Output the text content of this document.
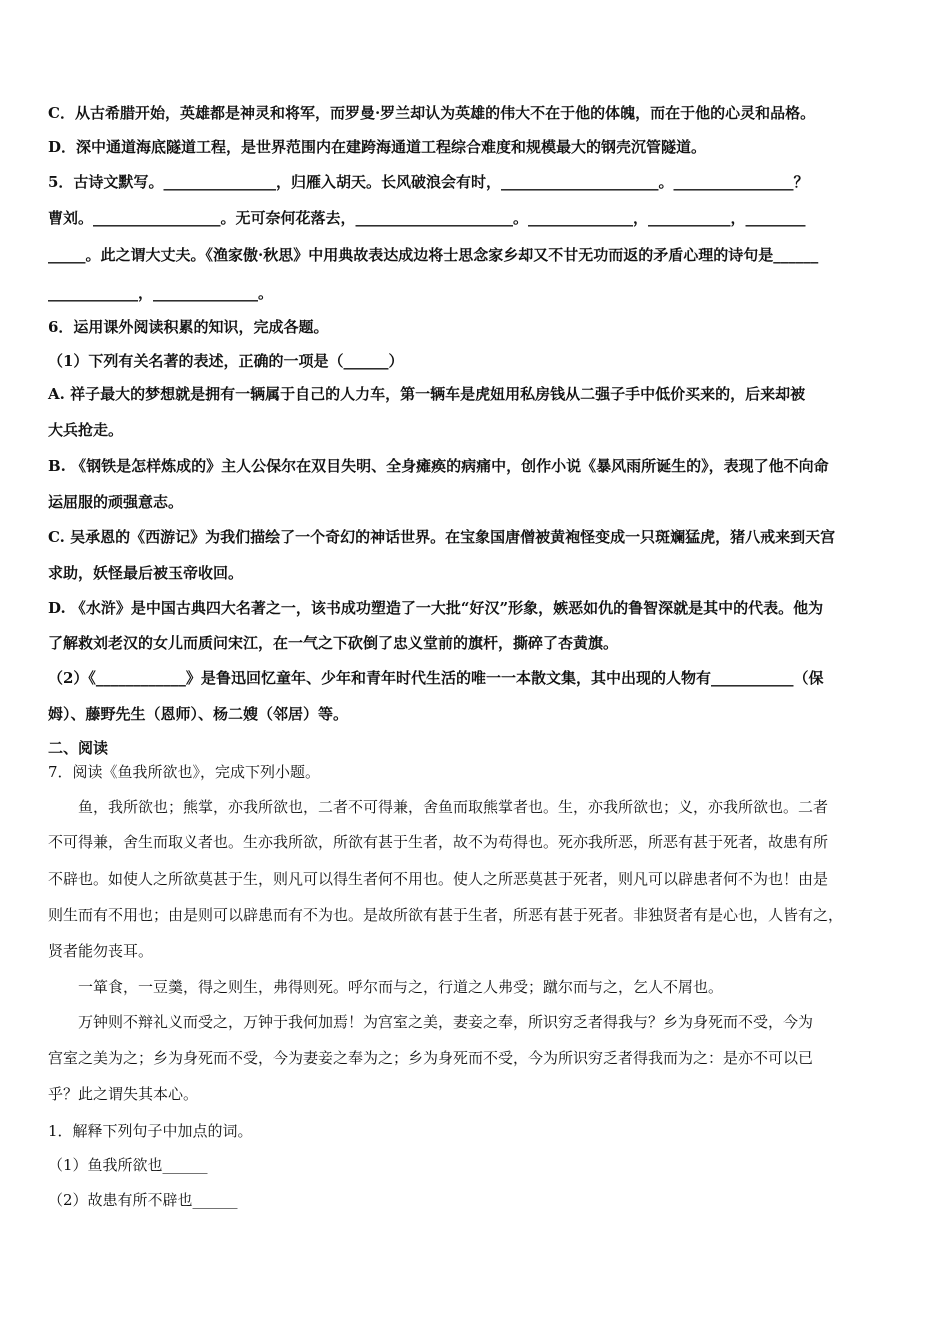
C．从古希腊开始，英雄都是神灵和将军，而罗曼·罗兰却认为英雄的伟大不在于他的体魄，而在于他的心灵和品格。
D．深中通道海底隧道工程，是世界范围内在建跨海通道工程综合难度和规模最大的钢壳沉管隧道。
5．古诗文默写。_______________，归雁入胡天。长风破浪会有时，_____________________。________________？
曹刘。_________________。无可奈何花落去，_____________________。______________，___________，________
_____。此之谓大丈夫。《渔家傲·秋思》中用典故表达成边将士思念家乡却又不甘无功而返的矛盾心理的诗句是______
____________，______________。
6．运用课外阅读积累的知识，完成各题。
（1）下列有关名著的表述，正确的一项是（______）
A. 祥子最大的梦想就是拥有一辆属于自己的人力车，第一辆车是虎妞用私房钱从二强子手中低价买来的，后来却被
大兵抢走。
B. 《钢铁是怎样炼成的》主人公保尔在双目失明、全身瘫痪的病痛中，创作小说《暴风雨所诞生的》，表现了他不向命
运屈服的顽强意志。
C. 吴承恩的《西游记》为我们描绘了一个奇幻的神话世界。在宝象国唐僧被黄袍怪变成一只斑斓猛虎，猪八戒来到天宫
求助，妖怪最后被玉帝收回。
D. 《水浒》是中国古典四大名著之一，该书成功塑造了一大批“好汉”形象，嫉恶如仇的鲁智深就是其中的代表。他为
了解救刘老汉的女儿而质问宋江，在一气之下砍倒了忠义堂前的旗杆，撕碎了杏黄旗。
（2）《____________》是鲁迅回忆童年、少年和青年时代生活的唯一一本散文集，其中出现的人物有___________（保
姆）、藤野先生（恩师）、杨二嫂（邻居）等。
二、阅读
7．阅读《鱼我所欲也》，完成下列小题。
鱼，我所欲也；熊掌，亦我所欲也，二者不可得兼，舍鱼而取熊掌者也。生，亦我所欲也；义，亦我所欲也。二者
不可得兼，舍生而取义者也。生亦我所欲，所欲有甚于生者，故不为苟得也。死亦我所恶，所恶有甚于死者，故患有所
不辟也。如使人之所欲莫甚于生，则凡可以得生者何不用也。使人之所恶莫甚于死者，则凡可以辟患者何不为也！由是
则生而有不用也；由是则可以辟患而有不为也。是故所欲有甚于生者，所恶有甚于死者。非独贤者有是心也，人皆有之，
贤者能勿丧耳。
一箪食，一豆羹，得之则生，弗得则死。呼尔而与之，行道之人弗受；蹴尔而与之，乞人不屑也。
万钟则不辩礼义而受之，万钟于我何加焉！为宫室之美，妻妾之奉，所识穷乏者得我与？乡为身死而不受，今为
宫室之美为之；乡为身死而不受，今为妻妾之奉为之；乡为身死而不受，今为所识穷乏者得我而为之：是亦不可以已
乎？此之谓失其本心。
1．解释下列句子中加点的词。
（1）鱼我所欲也______
（2）故患有所不辟也______
